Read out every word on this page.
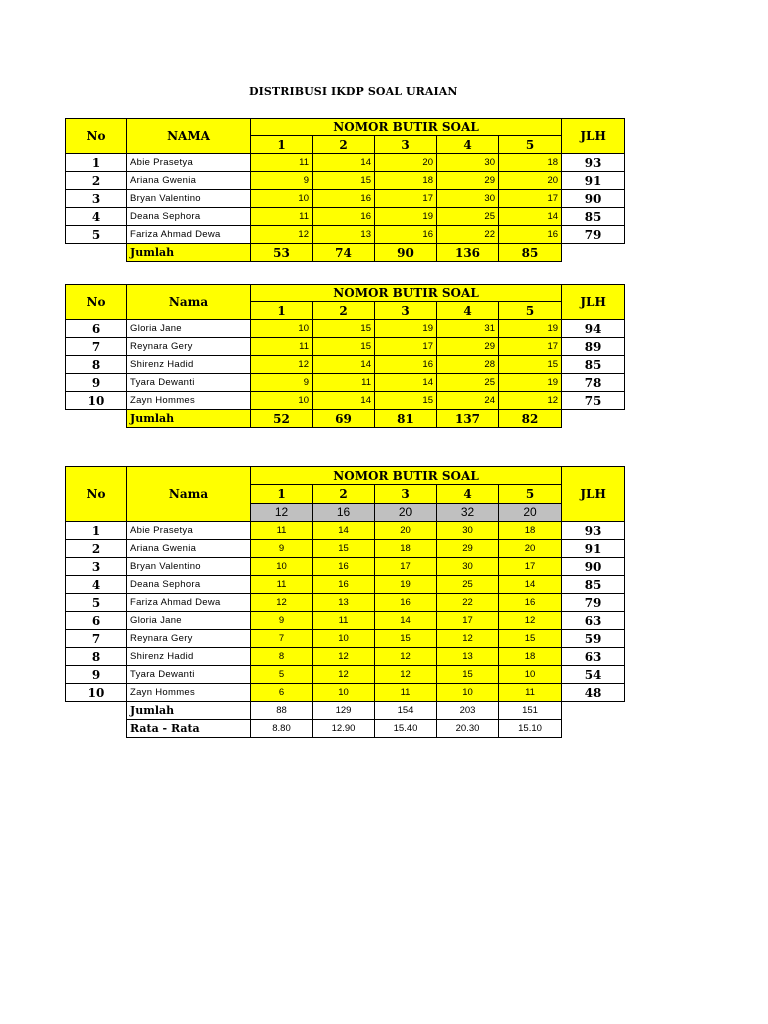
DISTRIBUSI IKDP SOAL URAIAN
No	NAMA	NOMOR BUTIR SOAL					JLH
		1	2	3	4	5	
1	Abie Prasetya	11	14	20	30	18	93
2	Ariana Gwenia	9	15	18	29	20	91
3	Bryan Valentino	10	16	17	30	17	90
4	Deana Sephora	11	16	19	25	14	85
5	Fariza Ahmad Dewa	12	13	16	22	16	79
	Jumlah	53	74	90	136	85	
No	Nama	NOMOR BUTIR SOAL					JLH
		1	2	3	4	5	
6	Gloria Jane	10	15	19	31	19	94
7	Reynara Gery	11	15	17	29	17	89
8	Shirenz Hadid	12	14	16	28	15	85
9	Tyara Dewanti	9	11	14	25	19	78
10	Zayn Hommes	10	14	15	24	12	75
	Jumlah	52	69	81	137	82	
No	Nama	NOMOR BUTIR SOAL					JLH
		1	2	3	4	5	
		12	16	20	32	20	
1	Abie Prasetya	11	14	20	30	18	93
2	Ariana Gwenia	9	15	18	29	20	91
3	Bryan Valentino	10	16	17	30	17	90
4	Deana Sephora	11	16	19	25	14	85
5	Fariza Ahmad Dewa	12	13	16	22	16	79
6	Gloria Jane	9	11	14	17	12	63
7	Reynara Gery	7	10	15	12	15	59
8	Shirenz Hadid	8	12	12	13	18	63
9	Tyara Dewanti	5	12	12	15	10	54
10	Zayn Hommes	6	10	11	10	11	48
	Jumlah	88	129	154	203	151	
	Rata - Rata	8.80	12.90	15.40	20.30	15.10	
